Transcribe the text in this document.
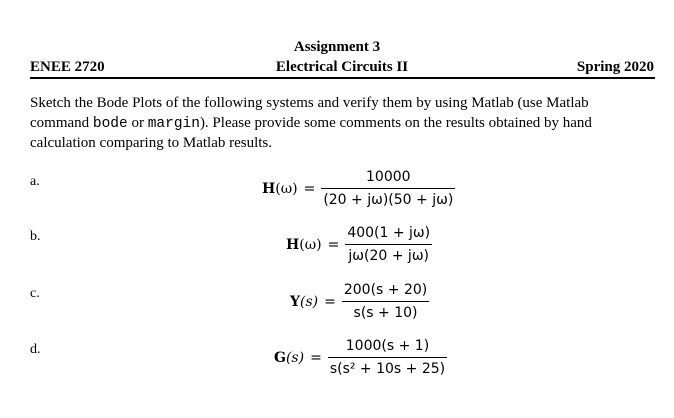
Assignment 3
ENEE 2720	Electrical Circuits II	Spring 2020
Sketch the Bode Plots of the following systems and verify them by using Matlab (use Matlab command bode or margin). Please provide some comments on the results obtained by hand calculation comparing to Matlab results.
a.	$H(\omega) = \frac{10000}{(20 + j\omega)(50 + j\omega)}$
b.	$H(\omega) = \frac{400(1 + j\omega)}{j\omega(20 + j\omega)}$
c.	$Y(s) = \frac{200(s + 20)}{s(s + 10)}$
d.	$G(s) = \frac{1000(s + 1)}{\text{s(s² + 10s + 25)}}$
